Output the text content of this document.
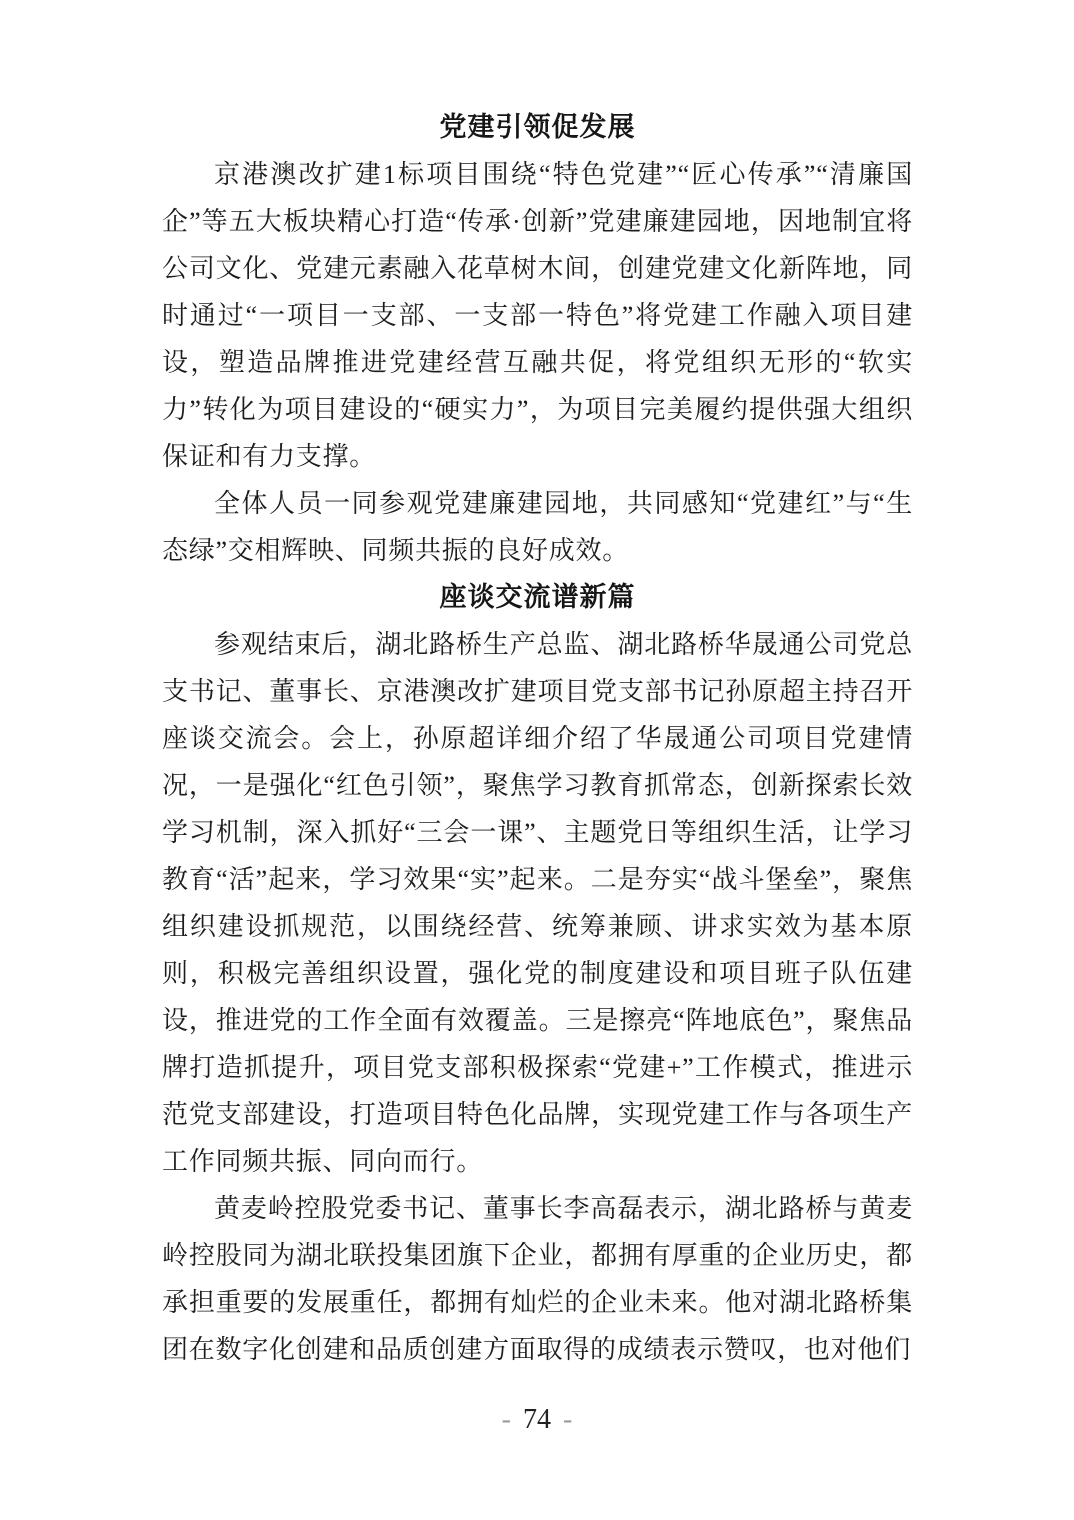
党建引领促发展

京港澳改扩建1标项目围绕“特色党建”“匠心传承”“清廉国企”等五大板块精心打造“传承·创新”党建廉建园地，因地制宜将公司文化、党建元素融入花草树木间，创建党建文化新阵地，同时通过“一项目一支部、一支部一特色”将党建工作融入项目建设，塑造品牌推进党建经营互融共促，将党组织无形的“软实力”转化为项目建设的“硬实力”，为项目完美履约提供强大组织保证和有力支撑。

全体人员一同参观党建廉建园地，共同感知“党建红”与“生态绿”交相辉映、同频共振的良好成效。

座谈交流谱新篇

参观结束后，湖北路桥生产总监、湖北路桥华晟通公司党总支书记、董事长、京港澳改扩建项目党支部书记孙原超主持召开座谈交流会。会上，孙原超详细介绍了华晟通公司项目党建情况，一是强化“红色引领”，聚焦学习教育抓常态，创新探索长效学习机制，深入抓好“三会一课”、主题党日等组织生活，让学习教育“活”起来，学习效果“实”起来。二是夯实“战斗堡垒”，聚焦组织建设抓规范，以围绕经营、统筹兼顾、讲求实效为基本原则，积极完善组织设置，强化党的制度建设和项目班子队伍建设，推进党的工作全面有效覆盖。三是擦亮“阵地底色”，聚焦品牌打造抓提升，项目党支部积极探索“党建+”工作模式，推进示范党支部建设，打造项目特色化品牌，实现党建工作与各项生产工作同频共振、同向而行。

黄麦岭控股党委书记、董事长李高磊表示，湖北路桥与黄麦岭控股同为湖北联投集团旗下企业，都拥有厚重的企业历史，都承担重要的发展重任，都拥有灿烂的企业未来。他对湖北路桥集团在数字化创建和品质创建方面取得的成绩表示赞叹，也对他们

- 74 -
